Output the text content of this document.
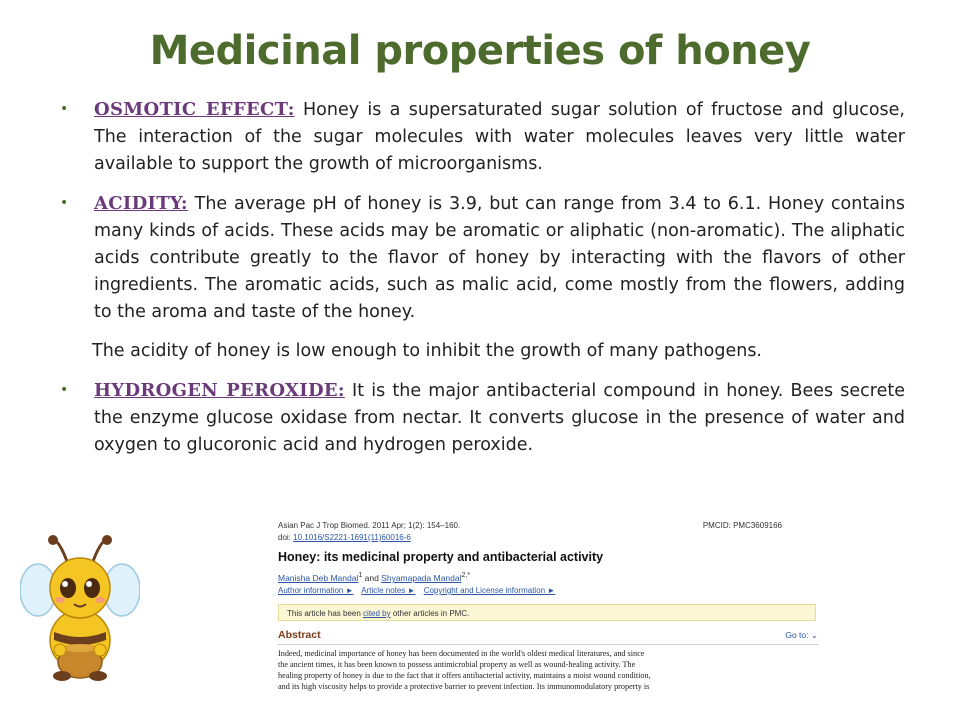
Medicinal properties of honey
• OSMOTIC EFFECT: Honey is a supersaturated sugar solution of fructose and glucose, The interaction of the sugar molecules with water molecules leaves very little water available to support the growth of microorganisms.
• ACIDITY: The average pH of honey is 3.9, but can range from 3.4 to 6.1. Honey contains many kinds of acids. These acids may be aromatic or aliphatic (non-aromatic). The aliphatic acids contribute greatly to the flavor of honey by interacting with the flavors of other ingredients. The aromatic acids, such as malic acid, come mostly from the flowers, adding to the aroma and taste of the honey.
The acidity of honey is low enough to inhibit the growth of many pathogens.
• HYDROGEN PEROXIDE: It is the major antibacterial compound in honey. Bees secrete the enzyme glucose oxidase from nectar. It converts glucose in the presence of water and oxygen to glucoronic acid and hydrogen peroxide.
Asian Pac J Trop Biomed. 2011 Apr; 1(2): 154–160.	PMCID: PMC3609166
doi: 10.1016/S2221-1691(11)60016-6
Honey: its medicinal property and antibacterial activity
Manisha Deb Mandal$^1$ and Shyamapada Mandal$^{2,*}$
Author information ► Article notes ► Copyright and License information ►
This article has been cited by other articles in PMC.
Abstract	Go to: ⌄
Indeed, medicinal importance of honey has been documented in the world's oldest medical literatures, and since
the ancient times, it has been known to possess antimicrobial property as well as wound-healing activity. The
healing property of honey is due to the fact that it offers antibacterial activity, maintains a moist wound condition,
and its high viscosity helps to provide a protective barrier to prevent infection. Its immunomodulatory property is
